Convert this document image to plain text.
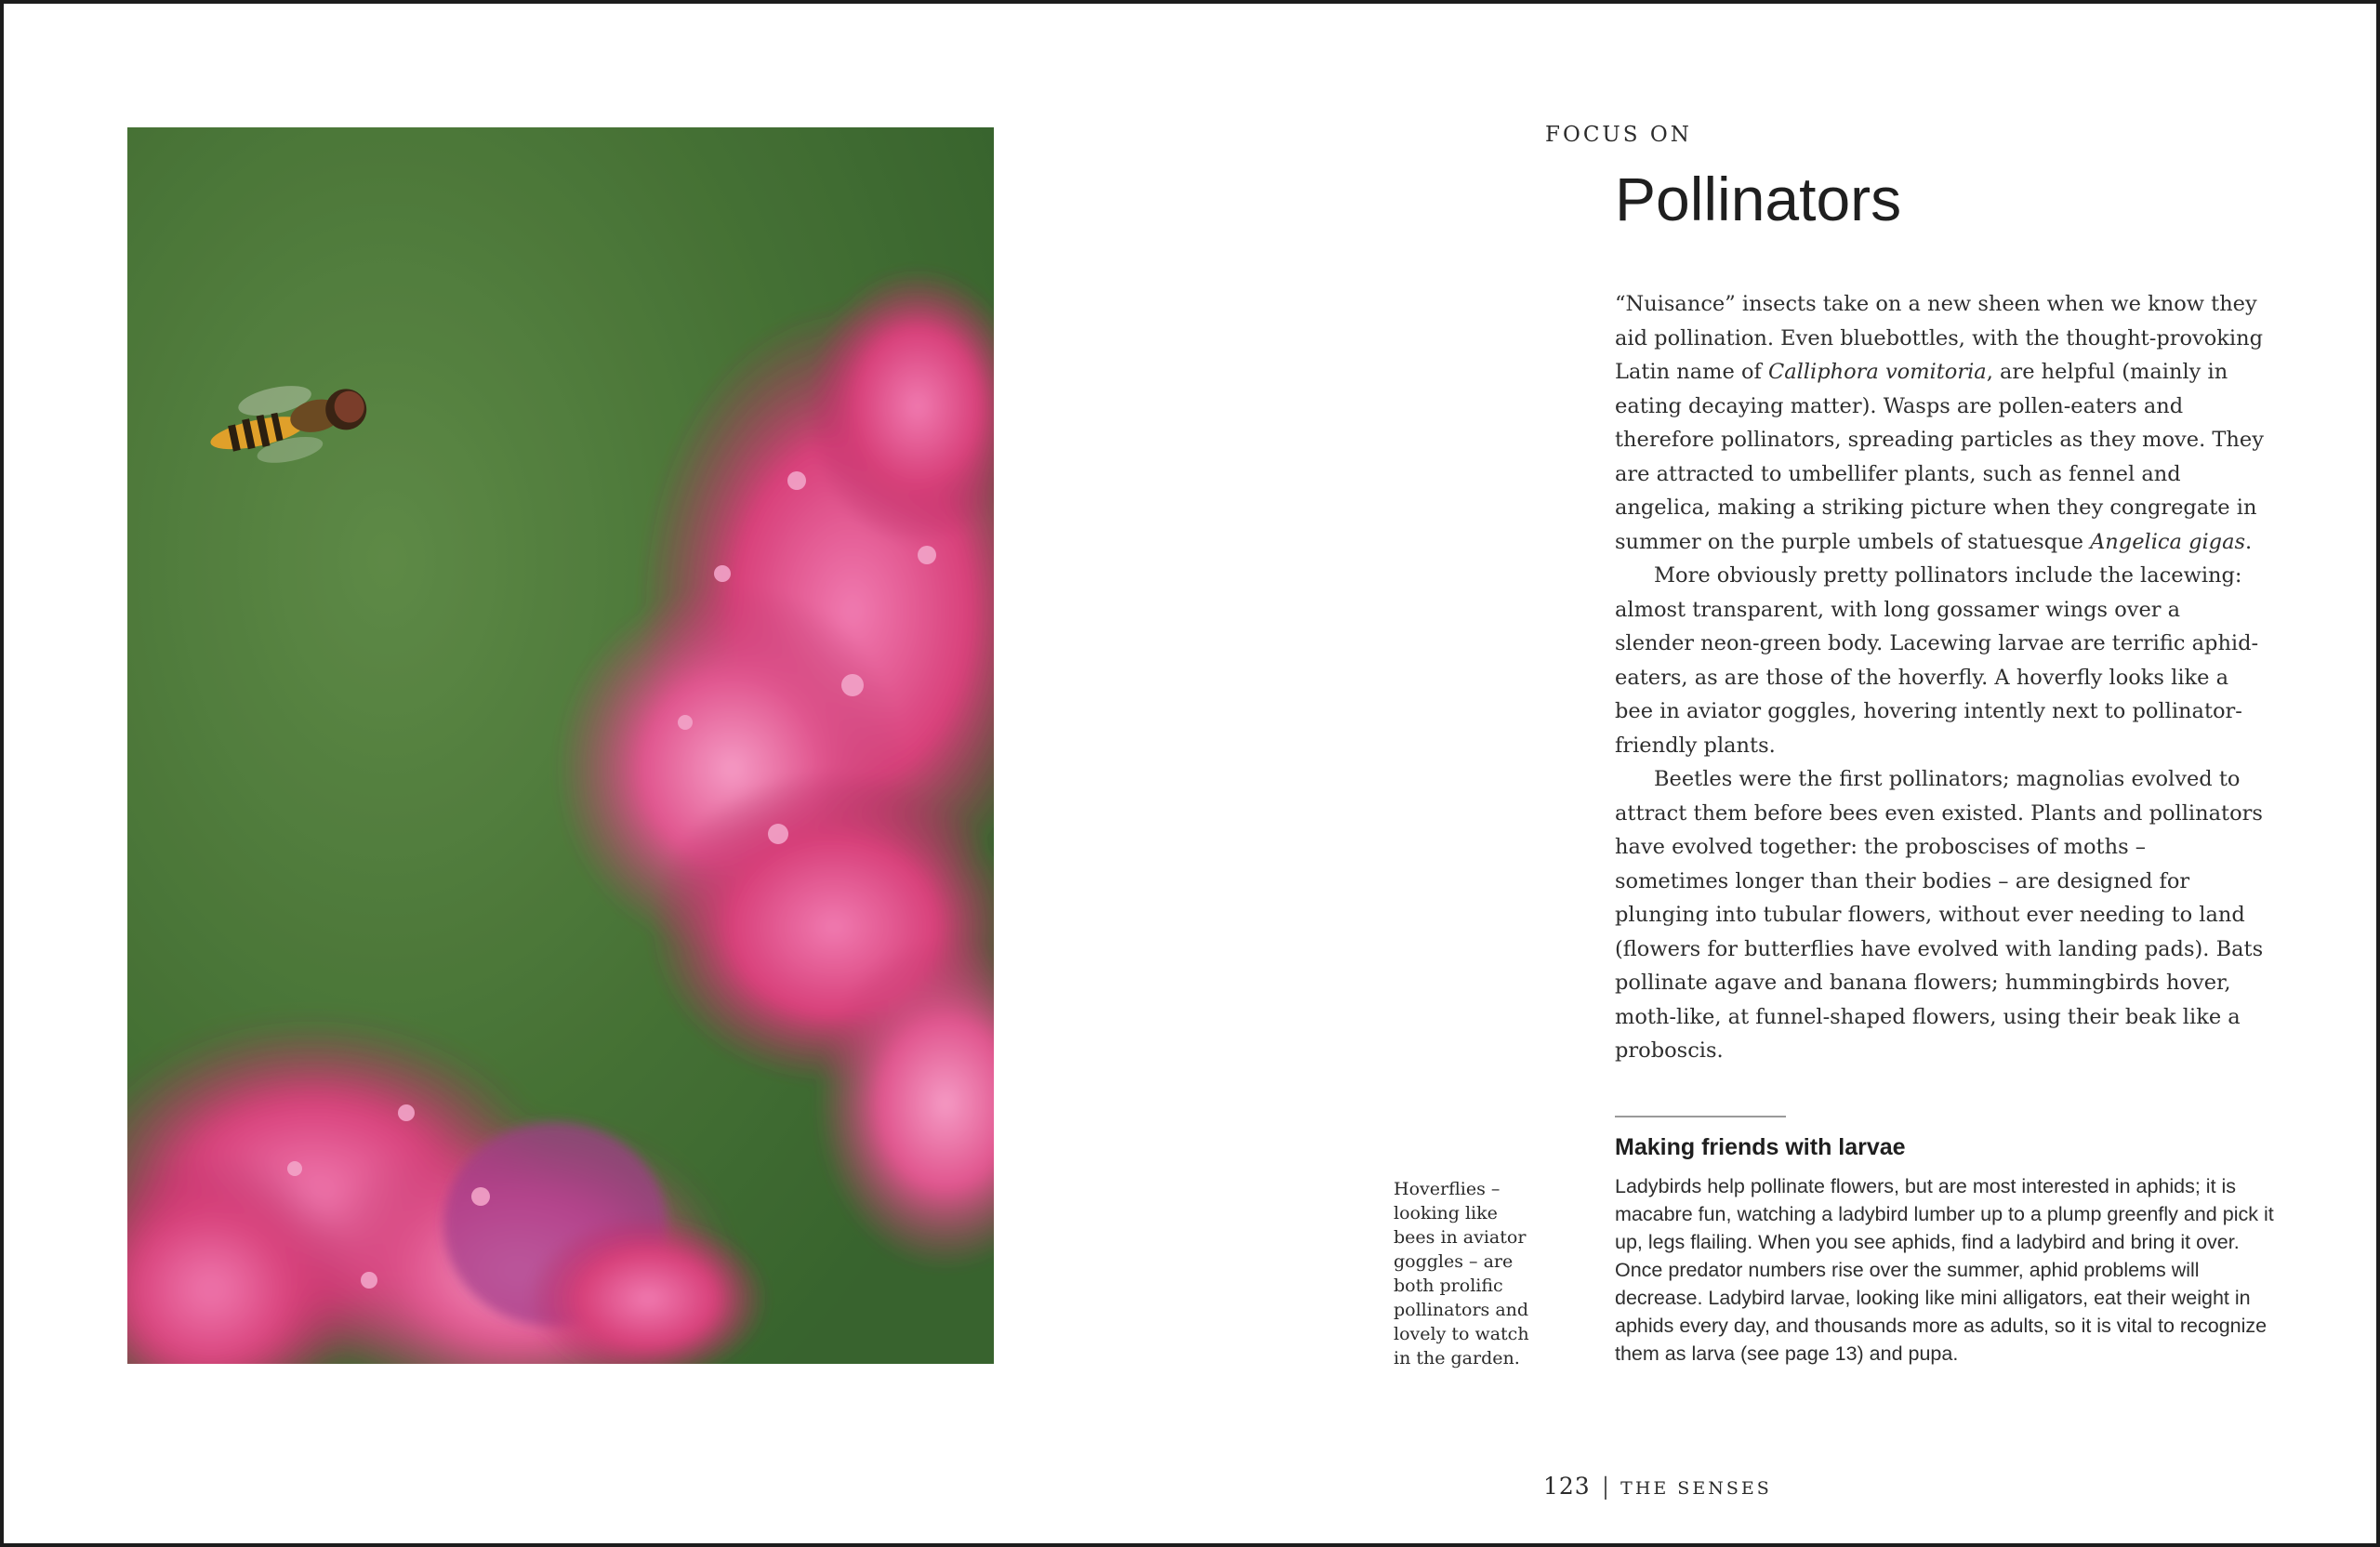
Hoverflies – looking like bees in aviator goggles – are both prolific pollinators and lovely to watch in the garden.
FOCUS ON
Pollinators

“Nuisance” insects take on a new sheen when we know they aid pollination. Even bluebottles, with the thought-provoking Latin name of Calliphora vomitoria, are helpful (mainly in eating decaying matter). Wasps are pollen-eaters and therefore pollinators, spreading particles as they move. They are attracted to umbellifer plants, such as fennel and angelica, making a striking picture when they congregate in summer on the purple umbels of statuesque Angelica gigas.

More obviously pretty pollinators include the lacewing: almost transparent, with long gossamer wings over a slender neon-green body. Lacewing larvae are terrific aphid-eaters, as are those of the hoverfly. A hoverfly looks like a bee in aviator goggles, hovering intently next to pollinator-friendly plants.

Beetles were the first pollinators; magnolias evolved to attract them before bees even existed. Plants and pollinators have evolved together: the proboscises of moths – sometimes longer than their bodies – are designed for plunging into tubular flowers, without ever needing to land (flowers for butterflies have evolved with landing pads). Bats pollinate agave and banana flowers; hummingbirds hover, moth-like, at funnel-shaped flowers, using their beak like a proboscis.

Making friends with larvae
Ladybirds help pollinate flowers, but are most interested in aphids; it is macabre fun, watching a ladybird lumber up to a plump greenfly and pick it up, legs flailing. When you see aphids, find a ladybird and bring it over. Once predator numbers rise over the summer, aphid problems will decrease. Ladybird larvae, looking like mini alligators, eat their weight in aphids every day, and thousands more as adults, so it is vital to recognize them as larva (see page 13) and pupa.
123 | THE SENSES
